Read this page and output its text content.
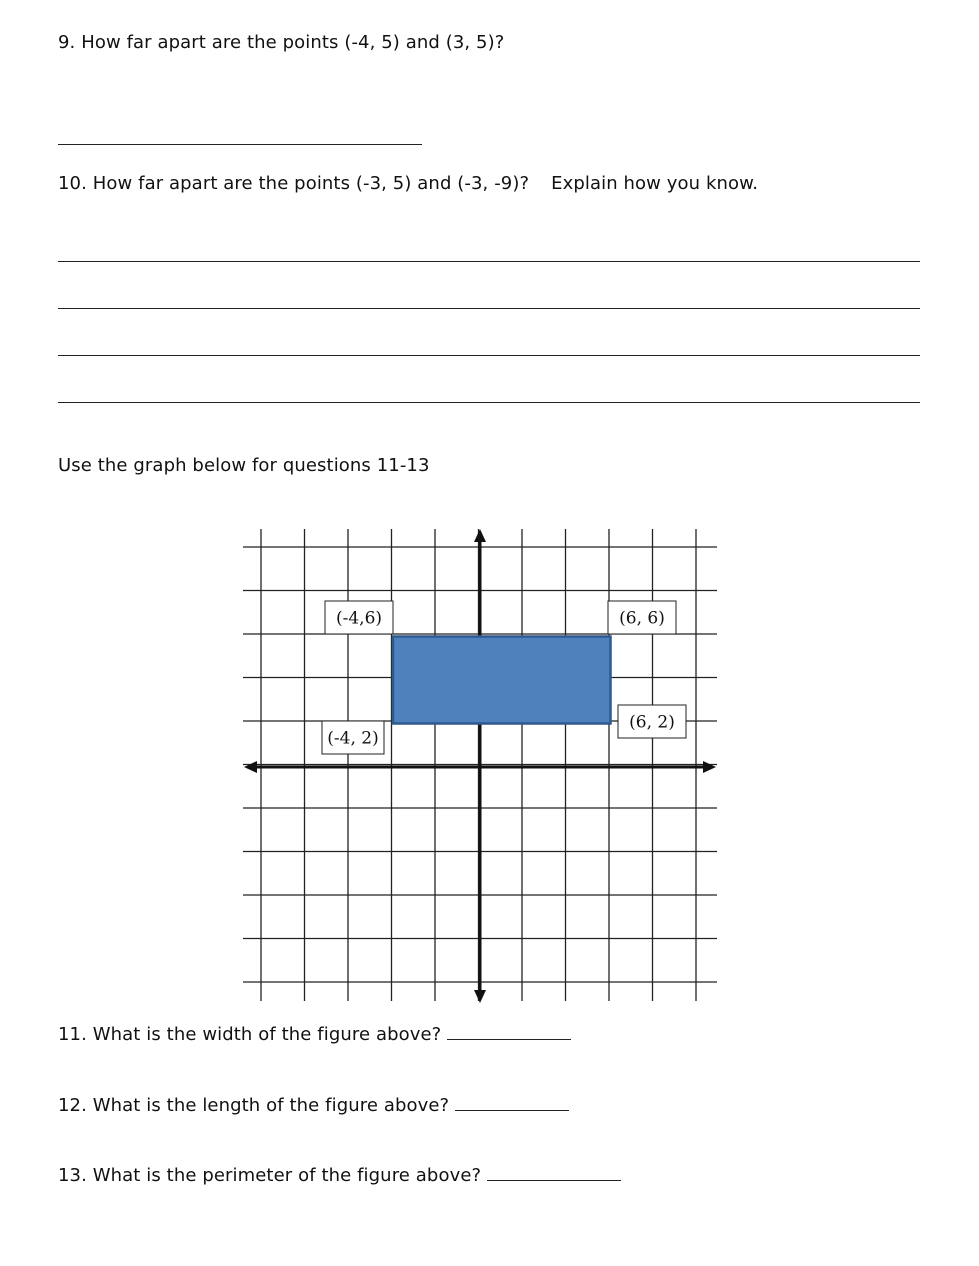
9. How far apart are the points (-4, 5) and (3, 5)?
10. How far apart are the points (-3, 5) and (-3, -9)? Explain how you know.
Use the graph below for questions 11-13
(-4,6)	(6, 6)
(-4, 2)
(6, 2)
11. What is the width of the figure above?
12. What is the length of the figure above?
13. What is the perimeter of the figure above?
